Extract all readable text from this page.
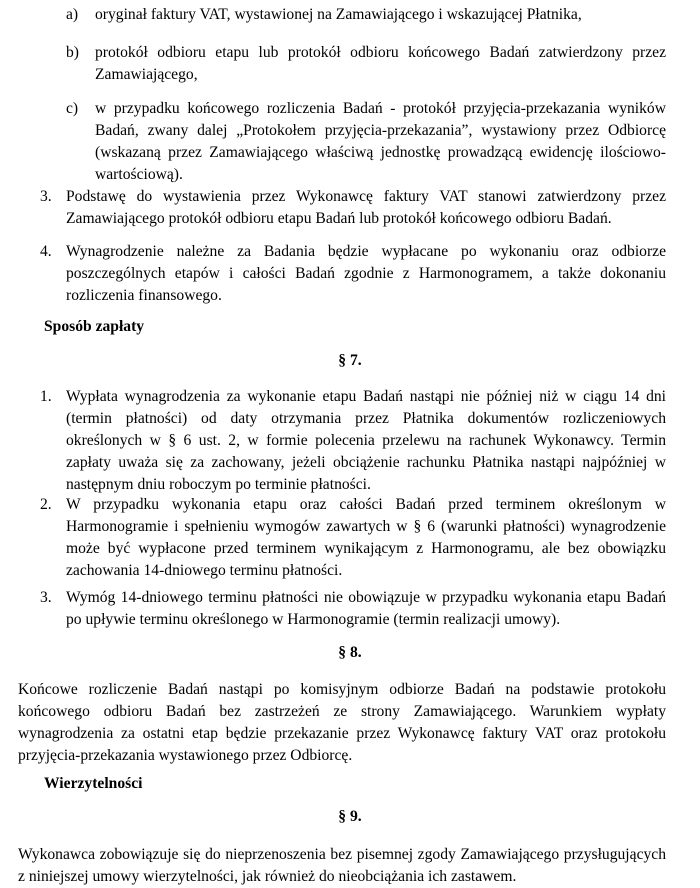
a) oryginał faktury VAT, wystawionej na Zamawiającego i wskazującej Płatnika,
b) protokół odbioru etapu lub protokół odbioru końcowego Badań zatwierdzony przez Zamawiającego,
c) w przypadku końcowego rozliczenia Badań - protokół przyjęcia-przekazania wyników Badań, zwany dalej „Protokołem przyjęcia-przekazania”, wystawiony przez Odbiorcę (wskazaną przez Zamawiającego właściwą jednostkę prowadzącą ewidencję ilościowo-wartościową).
3. Podstawę do wystawienia przez Wykonawcę faktury VAT stanowi zatwierdzony przez Zamawiającego protokół odbioru etapu Badań lub protokół końcowego odbioru Badań.
4. Wynagrodzenie należne za Badania będzie wypłacane po wykonaniu oraz odbiorze poszczególnych etapów i całości Badań zgodnie z Harmonogramem, a także dokonaniu rozliczenia finansowego.
Sposób zapłaty
§ 7.
1. Wypłata wynagrodzenia za wykonanie etapu Badań nastąpi nie później niż w ciągu 14 dni (termin płatności) od daty otrzymania przez Płatnika dokumentów rozliczeniowych określonych w § 6 ust. 2, w formie polecenia przelewu na rachunek Wykonawcy. Termin zapłaty uważa się za zachowany, jeżeli obciążenie rachunku Płatnika nastąpi najpóźniej w następnym dniu roboczym po terminie płatności.
2. W przypadku wykonania etapu oraz całości Badań przed terminem określonym w Harmonogramie i spełnieniu wymogów zawartych w § 6 (warunki płatności) wynagrodzenie może być wypłacone przed terminem wynikającym z Harmonogramu, ale bez obowiązku zachowania 14-dniowego terminu płatności.
3. Wymóg 14-dniowego terminu płatności nie obowiązuje w przypadku wykonania etapu Badań po upływie terminu określonego w Harmonogramie (termin realizacji umowy).
§ 8.
Końcowe rozliczenie Badań nastąpi po komisyjnym odbiorze Badań na podstawie protokołu końcowego odbioru Badań bez zastrzeżeń ze strony Zamawiającego. Warunkiem wypłaty wynagrodzenia za ostatni etap będzie przekazanie przez Wykonawcę faktury VAT oraz protokołu przyjęcia-przekazania wystawionego przez Odbiorcę.
Wierzytelności
§ 9.
Wykonawca zobowiązuje się do nieprzenoszenia bez pisemnej zgody Zamawiającego przysługujących z niniejszej umowy wierzytelności, jak również do nieobciążania ich zastawem.
